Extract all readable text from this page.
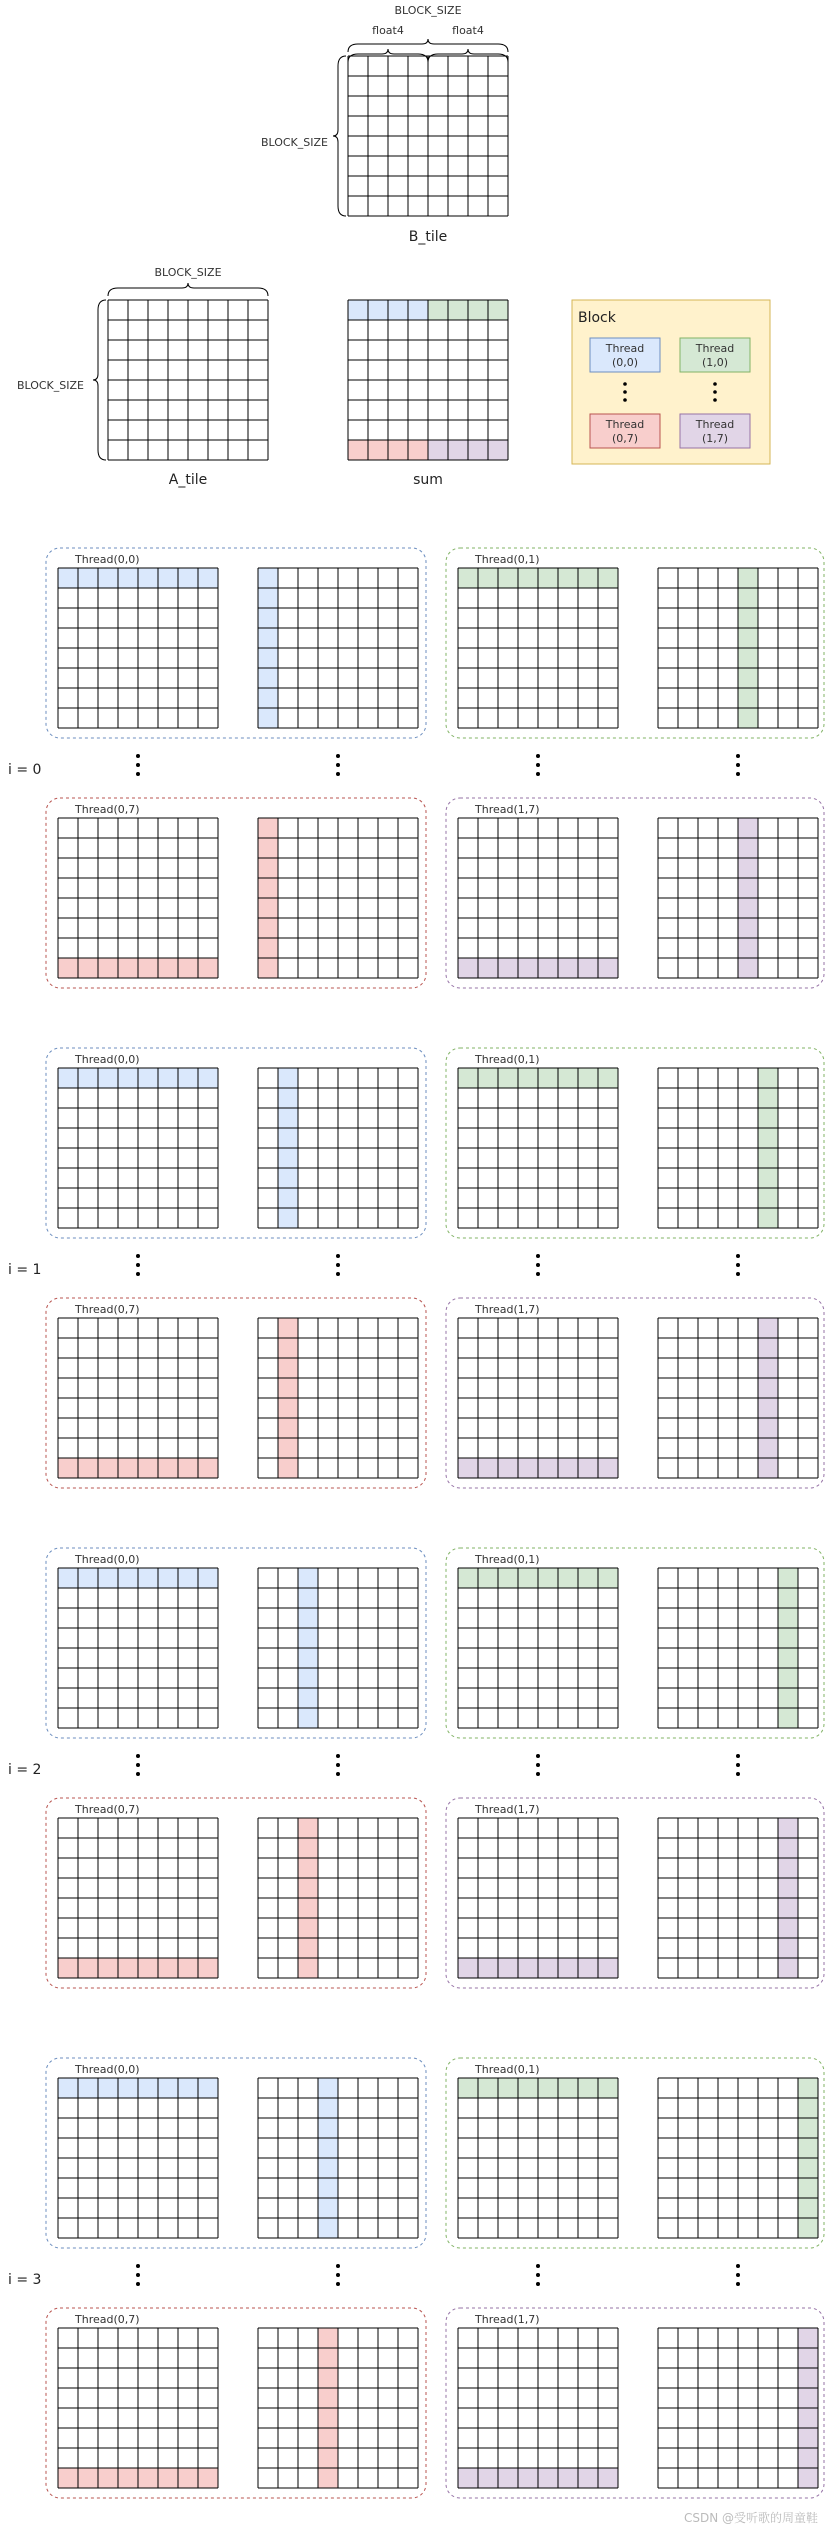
BLOCK_SIZE
BLOCK_SIZE
float4	float4
B_tile
BLOCK_SIZE
BLOCK_SIZE
A_tile	sum
Block
Thread
(0,0)
Thread
(1,0)
Thread
(0,7)
Thread
(1,7)
Thread(0,0)	Thread(0,1)
Thread(0,7)	Thread(1,7)
i = 0
Thread(0,0)	Thread(0,1)
Thread(0,7)	Thread(1,7)
i = 1
Thread(0,0)	Thread(0,1)
Thread(0,7)	Thread(1,7)
i = 2
Thread(0,0)	Thread(0,1)
Thread(0,7)	Thread(1,7)
i = 3
CSDN @受听歌的周童鞋
